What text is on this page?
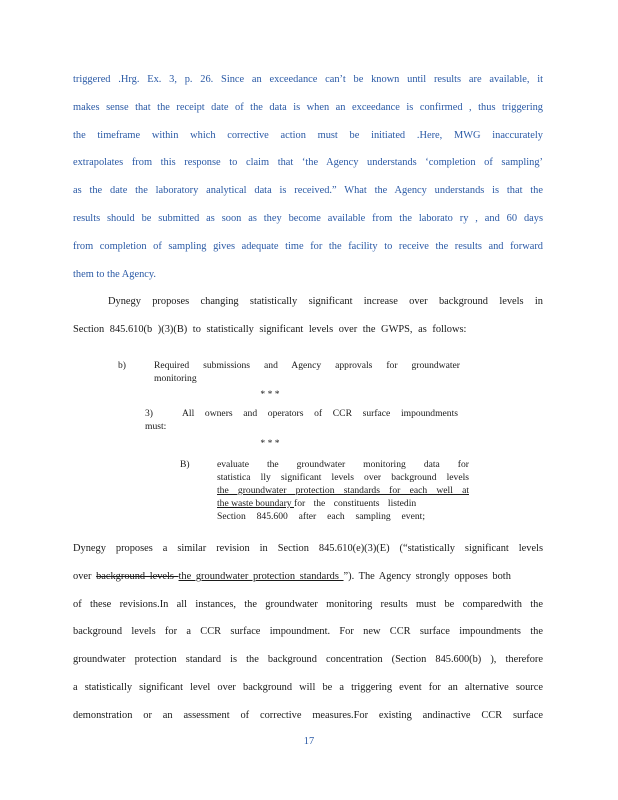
triggered .Hrg. Ex. 3, p. 26. Since an exceedance can’t be known until results are available, it
makes sense that the receipt date of the data is when an exceedance is confirmed , thus triggering
the timeframe within which corrective action must be initiated .Here, MWG inaccurately
extrapolates from this response to claim that ‘the Agency understands ‘completion of sampling’
as the date the laboratory analytical data is received.” What the Agency understands is that the
results should be submitted as soon as they become available from the laborato ry , and 60 days
from completion of sampling gives adequate time for the facility to receive the results and forward
them to the Agency.
Dynegy proposes changing statistically significant increase over background levels in
Section 845.610(b )(3)(B) to statistically significant levels over the GWPS, as follows:
b)	Required submissions and Agency approvals for groundwater
monitoring
* * *
3)	All owners and operators of CCR surface impoundments
must:
* * *
B)	evaluate the groundwater monitoring data for
statistica lly significant levels over background levels
the groundwater protection standards for each well at
the waste boundary for the constituents listedin
Section 845.600 after each sampling event;
Dynegy proposes a similar revision in Section 845.610(e)(3)(E) (“statistically significant levels
over background levels the groundwater protection standards ”). The Agency strongly opposes both
of these revisions.In all instances, the groundwater monitoring results must be comparedwith the
background levels for a CCR surface impoundment. For new CCR surface impoundments the
groundwater protection standard is the background concentration (Section 845.600(b) ), therefore
a statistically significant level over background will be a triggering event for an alternative source
demonstration or an assessment of corrective measures.For existing andinactive CCR surface
17
